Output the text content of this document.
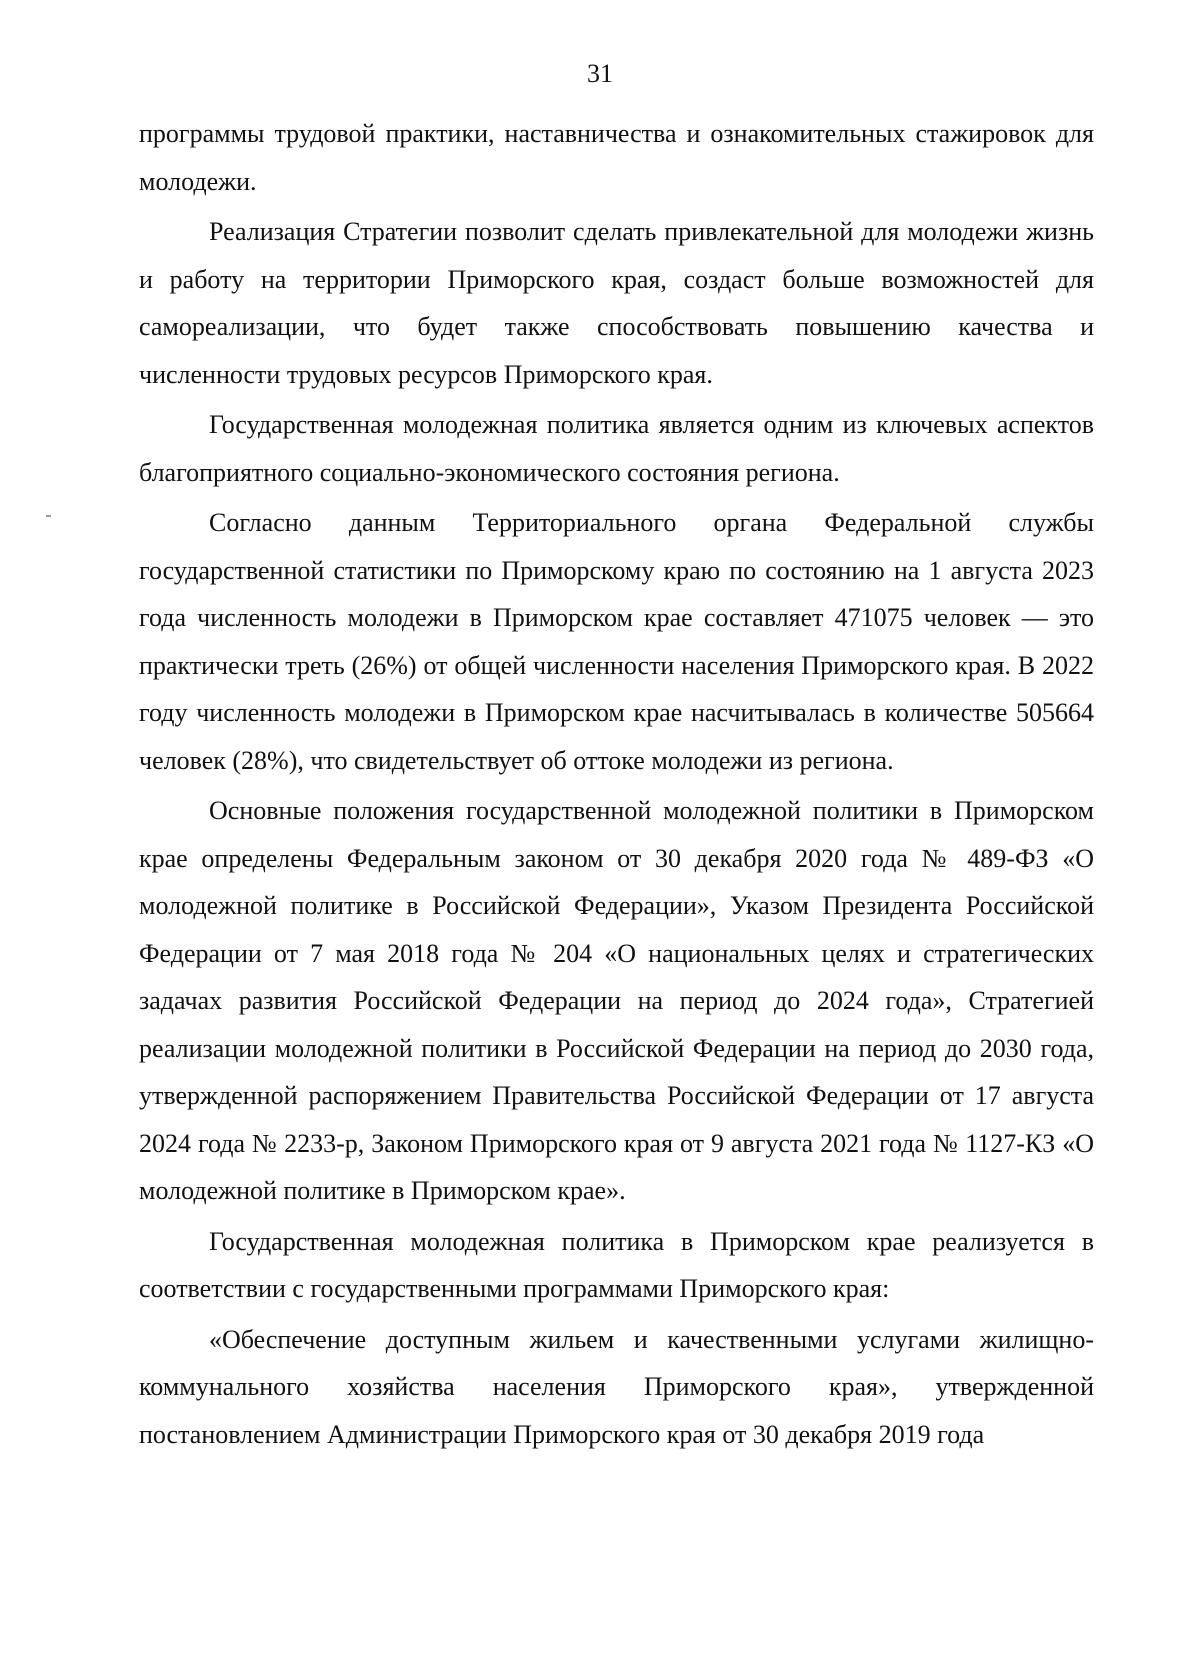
31

программы трудовой практики, наставничества и ознакомительных стажировок для молодежи.

Реализация Стратегии позволит сделать привлекательной для молодежи жизнь и работу на территории Приморского края, создаст больше возможностей для самореализации, что будет также способствовать повышению качества и численности трудовых ресурсов Приморского края.

Государственная молодежная политика является одним из ключевых аспектов благоприятного социально-экономического состояния региона.

Согласно данным Территориального органа Федеральной службы государственной статистики по Приморскому краю по состоянию на 1 августа 2023 года численность молодежи в Приморском крае составляет 471075 человек — это практически треть (26%) от общей численности населения Приморского края. В 2022 году численность молодежи в Приморском крае насчитывалась в количестве 505664 человек (28%), что свидетельствует об оттоке молодежи из региона.

Основные положения государственной молодежной политики в Приморском крае определены Федеральным законом от 30 декабря 2020 года № 489-ФЗ «О молодежной политике в Российской Федерации», Указом Президента Российской Федерации от 7 мая 2018 года № 204 «О национальных целях и стратегических задачах развития Российской Федерации на период до 2024 года», Стратегией реализации молодежной политики в Российской Федерации на период до 2030 года, утвержденной распоряжением Правительства Российской Федерации от 17 августа 2024 года № 2233-р, Законом Приморского края от 9 августа 2021 года № 1127-КЗ «О молодежной политике в Приморском крае».

Государственная молодежная политика в Приморском крае реализуется в соответствии с государственными программами Приморского края:

«Обеспечение доступным жильем и качественными услугами жилищно-коммунального хозяйства населения Приморского края», утвержденной постановлением Администрации Приморского края от 30 декабря 2019 года
